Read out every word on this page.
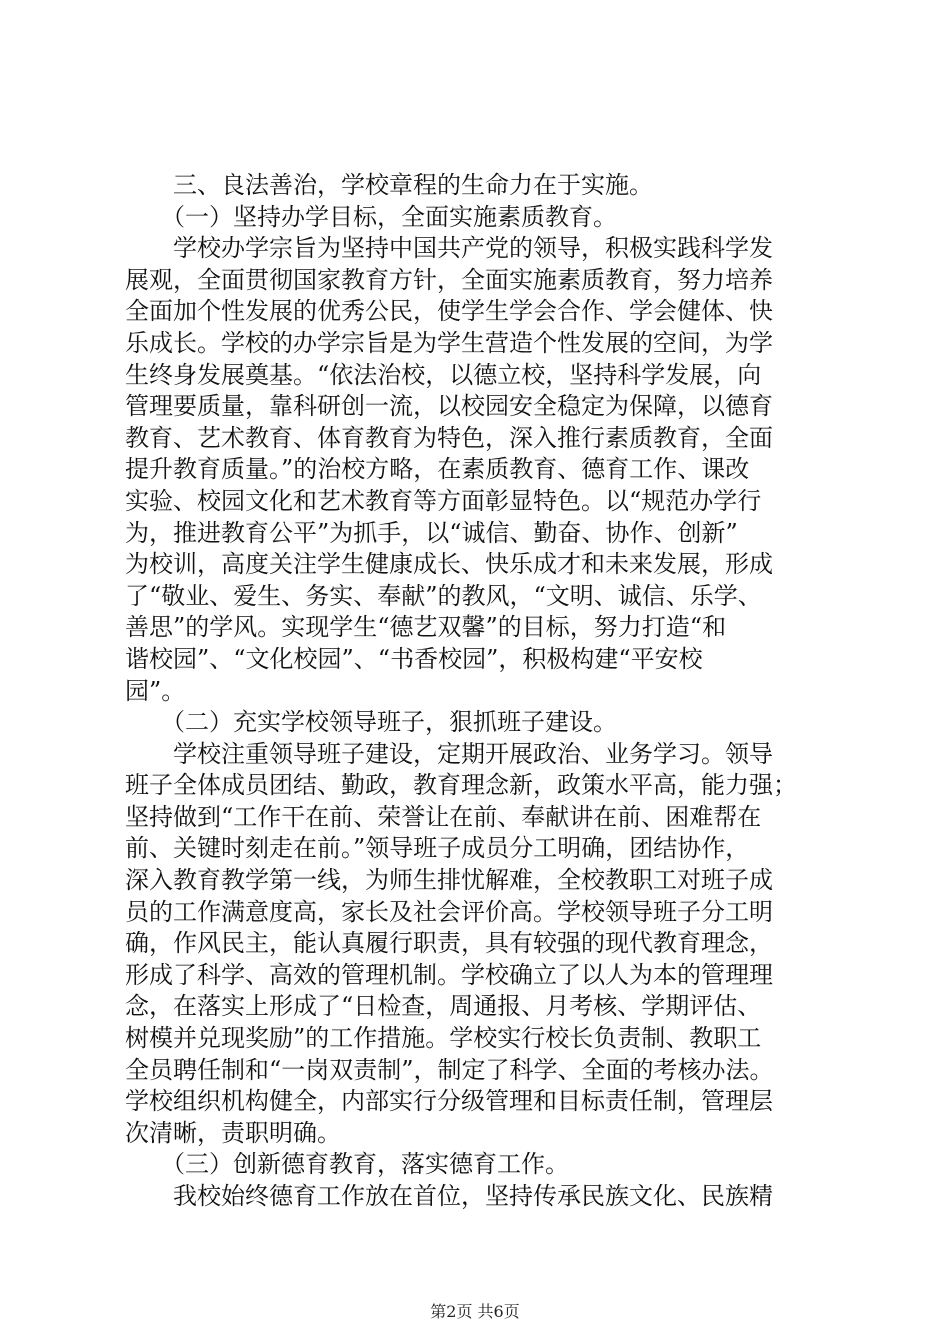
　　三、良法善治，学校章程的生命力在于实施。
　　（一）坚持办学目标，全面实施素质教育。
　　学校办学宗旨为坚持中国共产党的领导，积极实践科学发
展观，全面贯彻国家教育方针，全面实施素质教育，努力培养
全面加个性发展的优秀公民，使学生学会合作、学会健体、快
乐成长。学校的办学宗旨是为学生营造个性发展的空间，为学
生终身发展奠基。“依法治校，以德立校，坚持科学发展，向
管理要质量，靠科研创一流，以校园安全稳定为保障，以德育
教育、艺术教育、体育教育为特色，深入推行素质教育，全面
提升教育质量。”的治校方略，在素质教育、德育工作、课改
实验、校园文化和艺术教育等方面彰显特色。以“规范办学行
为，推进教育公平”为抓手，以“诚信、勤奋、协作、创新”
为校训，高度关注学生健康成长、快乐成才和未来发展，形成
了“敬业、爱生、务实、奉献”的教风，“文明、诚信、乐学、
善思”的学风。实现学生“德艺双馨”的目标，努力打造“和
谐校园”、“文化校园”、“书香校园”，积极构建“平安校
园”。
　　（二）充实学校领导班子，狠抓班子建设。
　　学校注重领导班子建设，定期开展政治、业务学习。领导
班子全体成员团结、勤政，教育理念新，政策水平高，能力强；
坚持做到“工作干在前、荣誉让在前、奉献讲在前、困难帮在
前、关键时刻走在前。”领导班子成员分工明确，团结协作，
深入教育教学第一线，为师生排忧解难，全校教职工对班子成
员的工作满意度高，家长及社会评价高。学校领导班子分工明
确，作风民主，能认真履行职责，具有较强的现代教育理念，
形成了科学、高效的管理机制。学校确立了以人为本的管理理
念，在落实上形成了“日检查，周通报、月考核、学期评估、
树模并兑现奖励”的工作措施。学校实行校长负责制、教职工
全员聘任制和“一岗双责制”，制定了科学、全面的考核办法。
学校组织机构健全，内部实行分级管理和目标责任制，管理层
次清晰，责职明确。
　　（三）创新德育教育，落实德育工作。
　　我校始终德育工作放在首位，坚持传承民族文化、民族精
第2页 共6页
